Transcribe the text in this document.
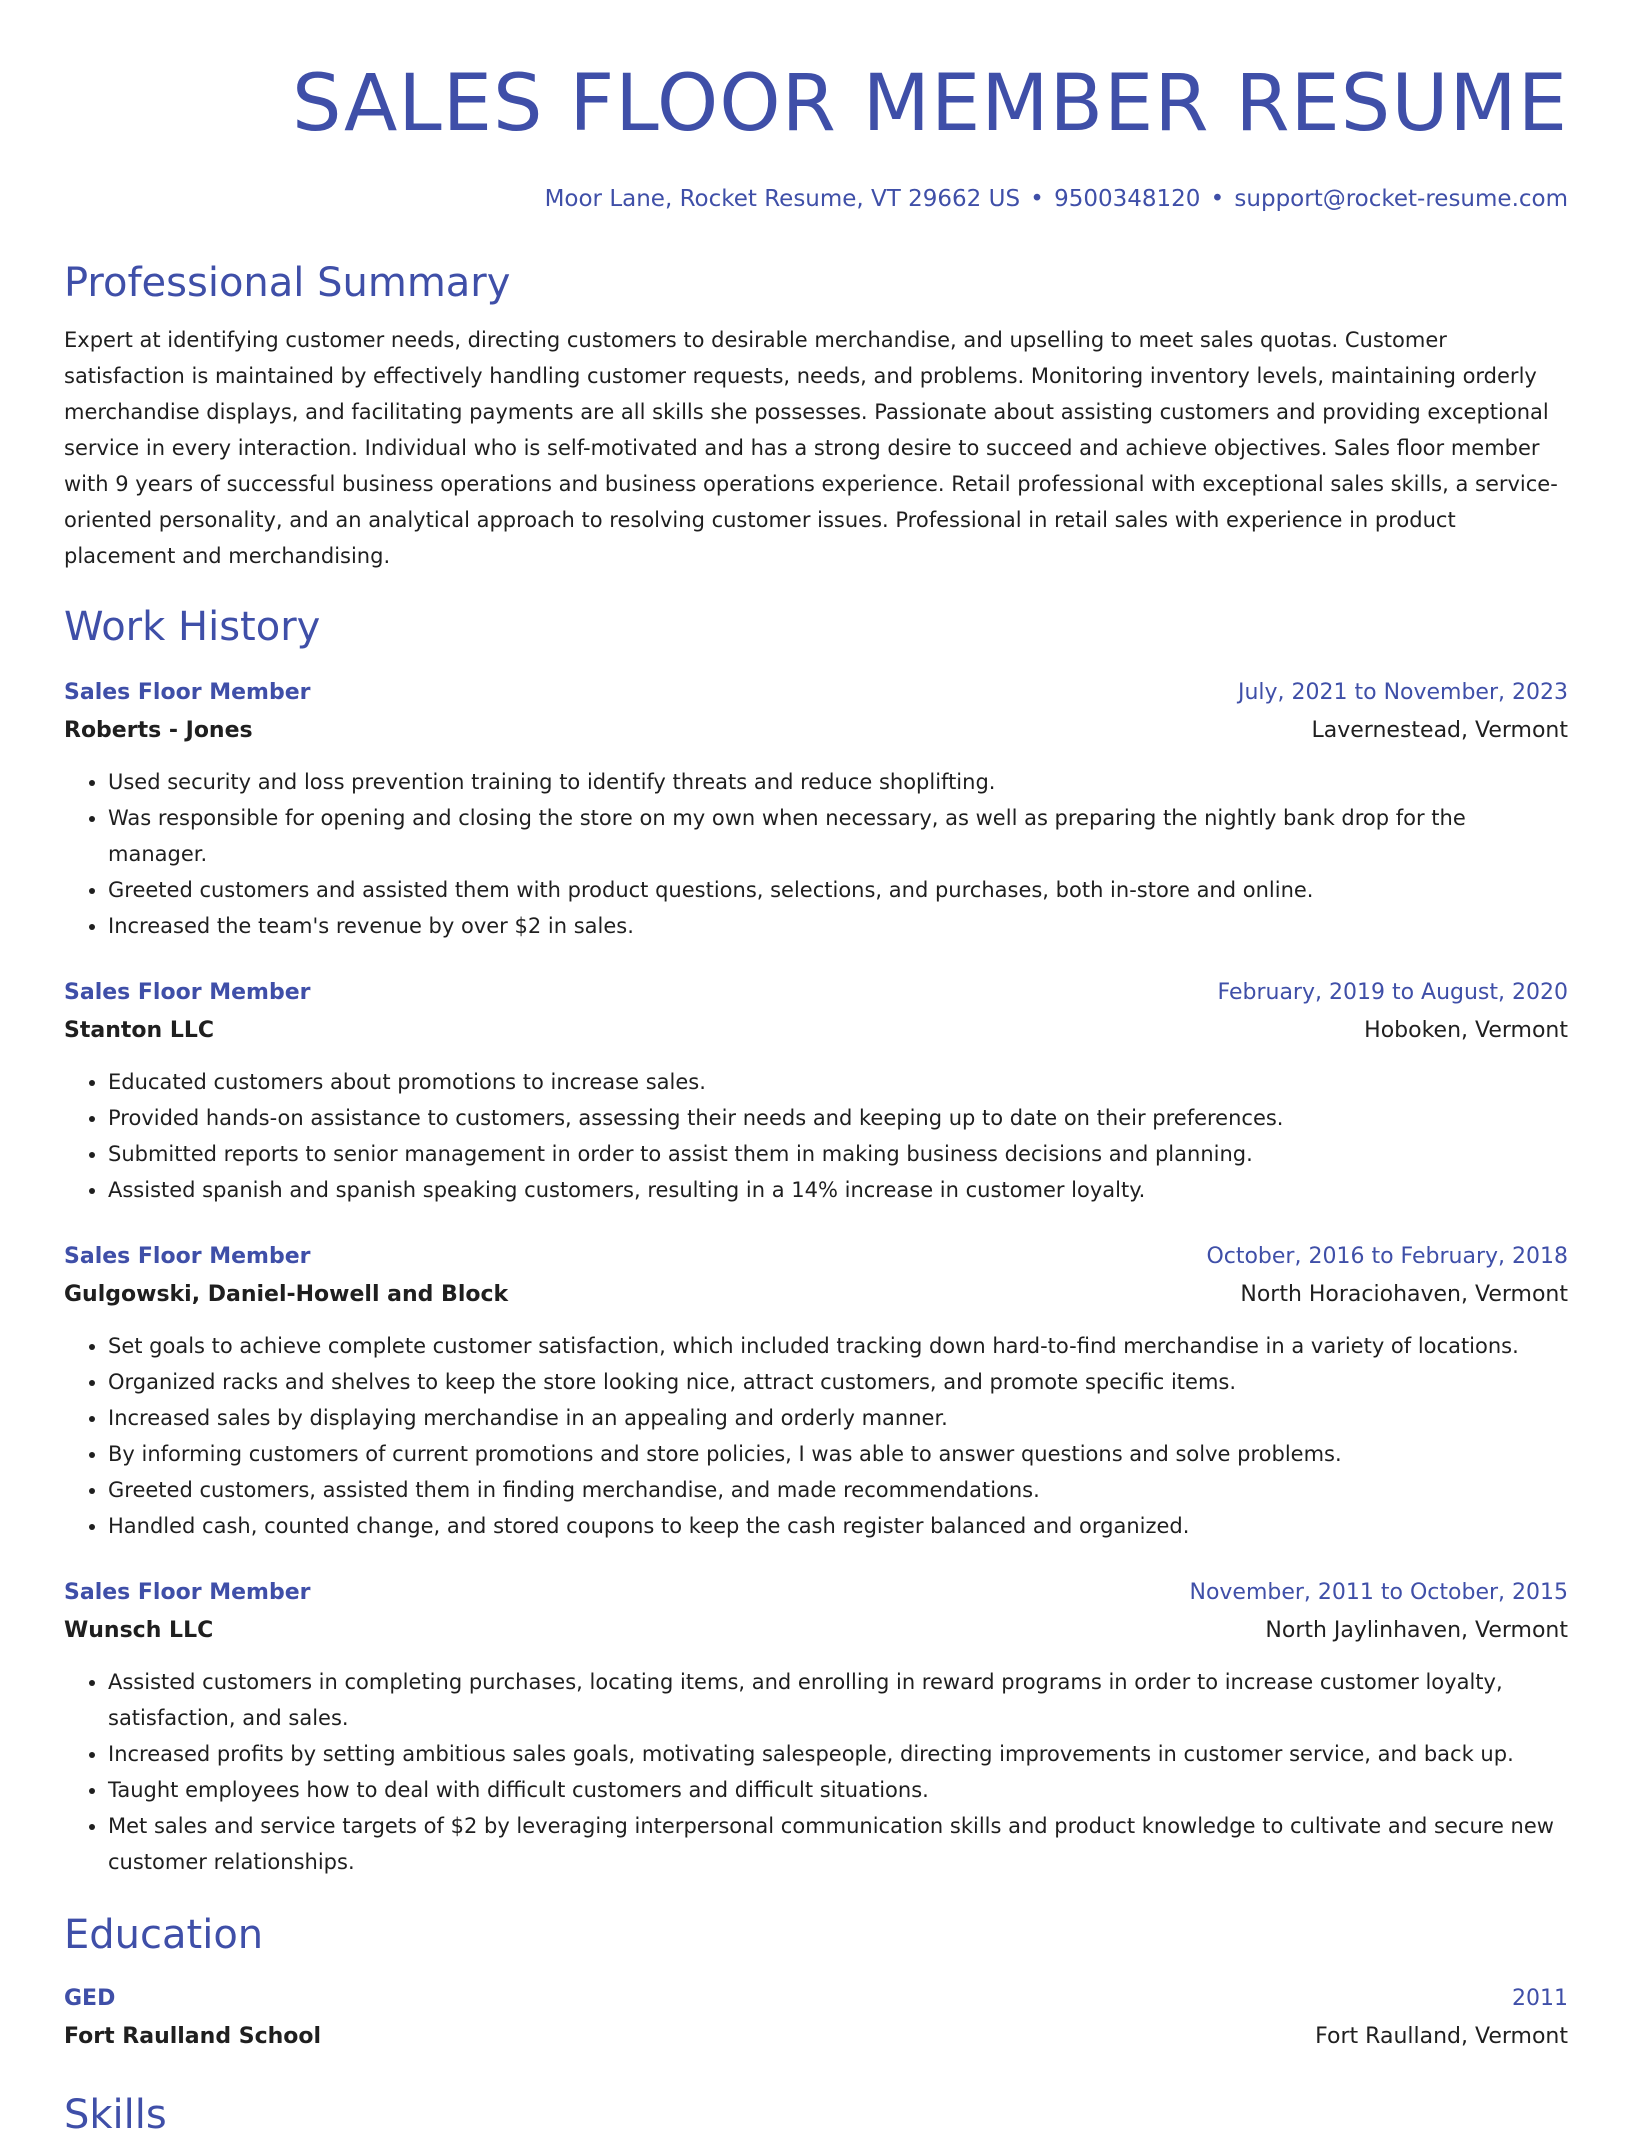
SALES FLOOR MEMBER RESUME
Moor Lane, Rocket Resume, VT 29662 US • 9500348120 • support@rocket-resume.com
Professional Summary
Expert at identifying customer needs, directing customers to desirable merchandise, and upselling to meet sales quotas. Customer satisfaction is maintained by effectively handling customer requests, needs, and problems. Monitoring inventory levels, maintaining orderly merchandise displays, and facilitating payments are all skills she possesses. Passionate about assisting customers and providing exceptional service in every interaction. Individual who is self-motivated and has a strong desire to succeed and achieve objectives. Sales floor member with 9 years of successful business operations and business operations experience. Retail professional with exceptional sales skills, a service-oriented personality, and an analytical approach to resolving customer issues. Professional in retail sales with experience in product placement and merchandising.
Work History
Sales Floor Member	July, 2021 to November, 2023
Roberts - Jones	Lavernestead, Vermont
• Used security and loss prevention training to identify threats and reduce shoplifting.
• Was responsible for opening and closing the store on my own when necessary, as well as preparing the nightly bank drop for the manager.
• Greeted customers and assisted them with product questions, selections, and purchases, both in-store and online.
• Increased the team's revenue by over $2 in sales.
Sales Floor Member	February, 2019 to August, 2020
Stanton LLC	Hoboken, Vermont
• Educated customers about promotions to increase sales.
• Provided hands-on assistance to customers, assessing their needs and keeping up to date on their preferences.
• Submitted reports to senior management in order to assist them in making business decisions and planning.
• Assisted spanish and spanish speaking customers, resulting in a 14% increase in customer loyalty.
Sales Floor Member	October, 2016 to February, 2018
Gulgowski, Daniel-Howell and Block	North Horaciohaven, Vermont
• Set goals to achieve complete customer satisfaction, which included tracking down hard-to-find merchandise in a variety of locations.
• Organized racks and shelves to keep the store looking nice, attract customers, and promote specific items.
• Increased sales by displaying merchandise in an appealing and orderly manner.
• By informing customers of current promotions and store policies, I was able to answer questions and solve problems.
• Greeted customers, assisted them in finding merchandise, and made recommendations.
• Handled cash, counted change, and stored coupons to keep the cash register balanced and organized.
Sales Floor Member	November, 2011 to October, 2015
Wunsch LLC	North Jaylinhaven, Vermont
• Assisted customers in completing purchases, locating items, and enrolling in reward programs in order to increase customer loyalty, satisfaction, and sales.
• Increased profits by setting ambitious sales goals, motivating salespeople, directing improvements in customer service, and back up.
• Taught employees how to deal with difficult customers and difficult situations.
• Met sales and service targets of $2 by leveraging interpersonal communication skills and product knowledge to cultivate and secure new customer relationships.
Education
GED	2011
Fort Raulland School	Fort Raulland, Vermont
Skills
